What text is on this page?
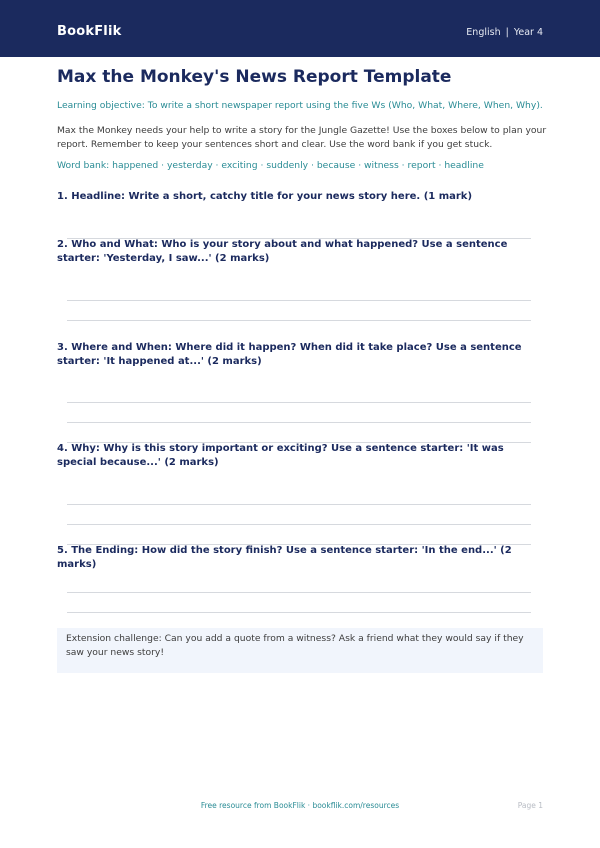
BookFlik	English | Year 4
Max the Monkey's News Report Template
Learning objective: To write a short newspaper report using the five Ws (Who, What, Where, When, Why).
Max the Monkey needs your help to write a story for the Jungle Gazette! Use the boxes below to plan your report. Remember to keep your sentences short and clear. Use the word bank if you get stuck.
Word bank: happened · yesterday · exciting · suddenly · because · witness · report · headline
1. Headline: Write a short, catchy title for your news story here. (1 mark)
2. Who and What: Who is your story about and what happened? Use a sentence starter: 'Yesterday, I saw...' (2 marks)
3. Where and When: Where did it happen? When did it take place? Use a sentence starter: 'It happened at...' (2 marks)
4. Why: Why is this story important or exciting? Use a sentence starter: 'It was special because...' (2 marks)
5. The Ending: How did the story finish? Use a sentence starter: 'In the end...' (2 marks)
Extension challenge: Can you add a quote from a witness? Ask a friend what they would say if they saw your news story!
Free resource from BookFlik · bookflik.com/resources	Page 1
